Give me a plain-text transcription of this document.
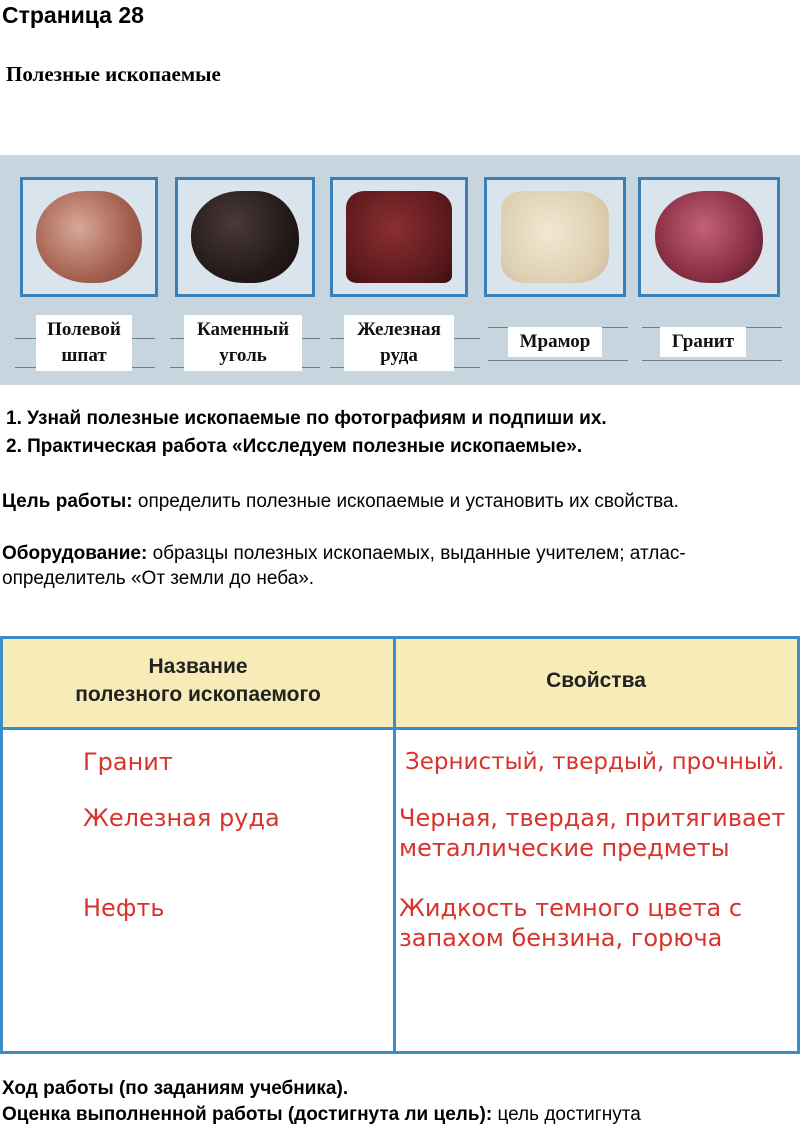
Страница 28
Полезные ископаемые
Полевой
шпат
Каменный
уголь
Железная
руда
Мрамор	Гранит
1. Узнай полезные ископаемые по фотографиям и подпиши их.
2. Практическая работа «Исследуем полезные ископаемые».
Цель работы: определить полезные ископаемые и установить их свойства.
Оборудование: образцы полезных ископаемых, выданные учителем; атлас-определитель «От земли до неба».
Название
полезного ископаемого
Свойства
Гранит	Зернистый, твердый, прочный.
Железная руда	Черная, твердая, притягивает
металлические предметы
Нефть	Жидкость темного цвета с
запахом бензина, горюча
Ход работы (по заданиям учебника).
Оценка выполненной работы (достигнута ли цель): цель достигнута
